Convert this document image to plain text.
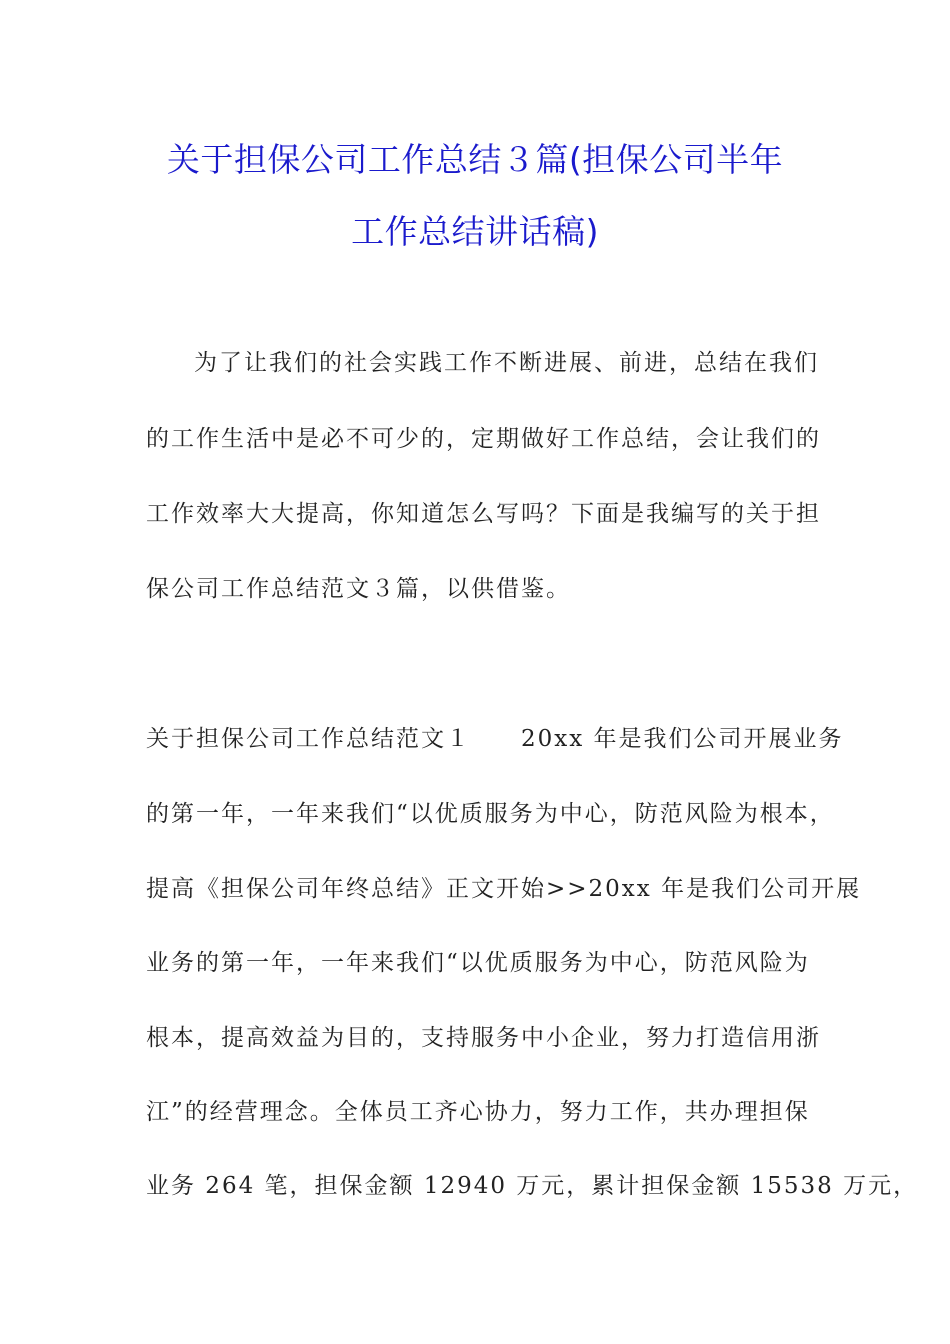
关于担保公司工作总结３篇(担保公司半年
工作总结讲话稿)
为了让我们的社会实践工作不断进展、前进，总结在我们
的工作生活中是必不可少的，定期做好工作总结，会让我们的
工作效率大大提高，你知道怎么写吗？下面是我编写的关于担
保公司工作总结范文３篇，以供借鉴。
关于担保公司工作总结范文１　　20xx 年是我们公司开展业务
的第一年，一年来我们“以优质服务为中心，防范风险为根本，
提高《担保公司年终总结》正文开始>>20xx 年是我们公司开展
业务的第一年，一年来我们“以优质服务为中心，防范风险为
根本，提高效益为目的，支持服务中小企业，努力打造信用浙
江”的经营理念。全体员工齐心协力，努力工作，共办理担保
业务 264 笔，担保金额 12940 万元，累计担保金额 15538 万元，
